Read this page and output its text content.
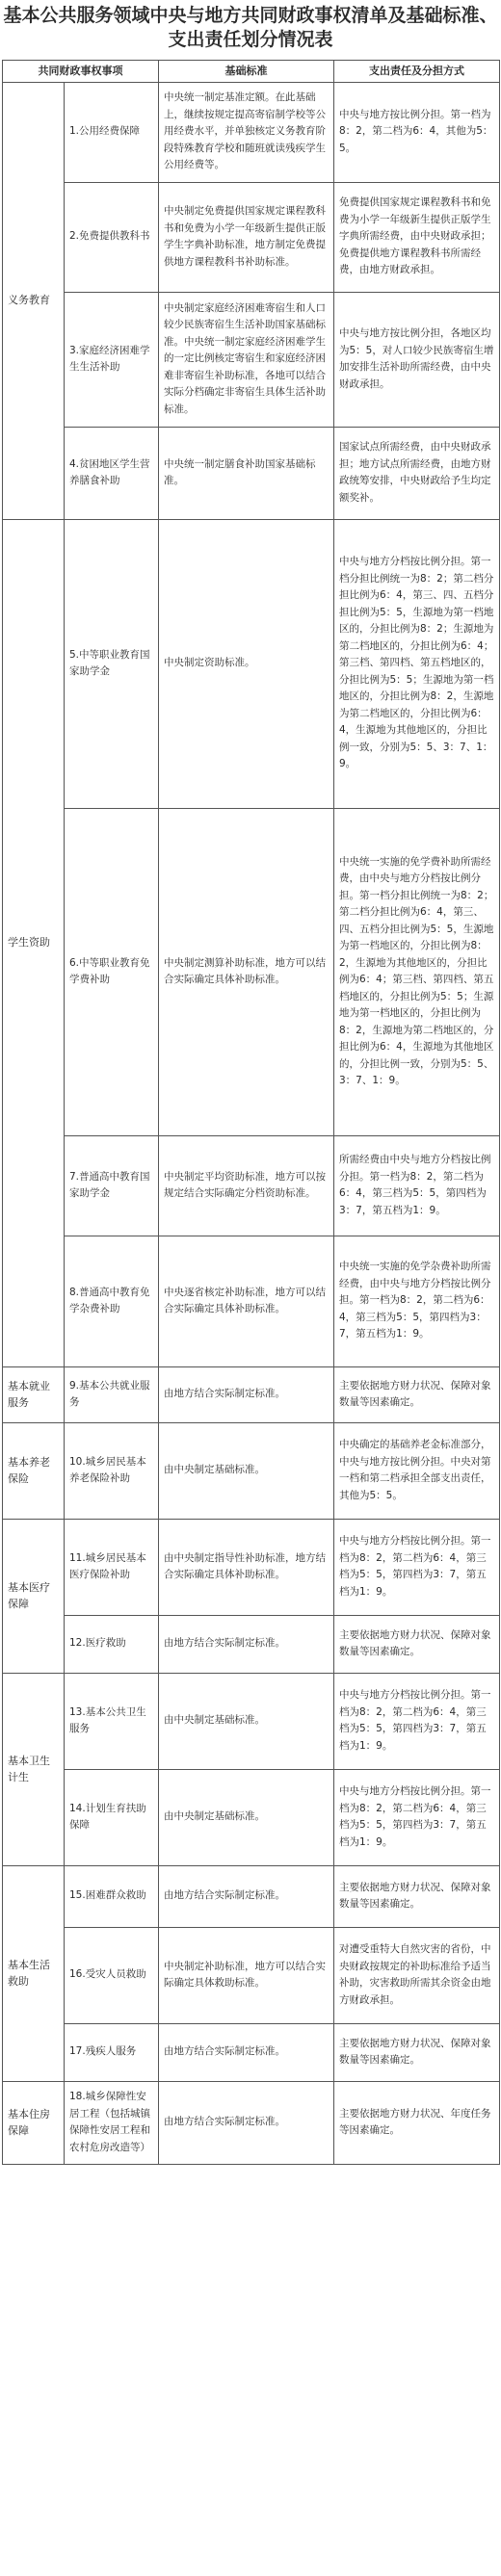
基本公共服务领域中央与地方共同财政事权清单及基础标准、支出责任划分情况表
共同财政事权事项		基础标准	支出责任及分担方式
义务教育	1.公用经费保障	中央统一制定基准定额。在此基础上，继续按规定提高寄宿制学校等公用经费水平，并单独核定义务教育阶段特殊教育学校和随班就读残疾学生公用经费等。	中央与地方按比例分担。第一档为8：2，第二档为6：4，其他为5：5。
	2.免费提供教科书	中央制定免费提供国家规定课程教科书和免费为小学一年级新生提供正版学生字典补助标准，地方制定免费提供地方课程教科书补助标准。	免费提供国家规定课程教科书和免费为小学一年级新生提供正版学生字典所需经费，由中央财政承担；免费提供地方课程教科书所需经费，由地方财政承担。
	3.家庭经济困难学生生活补助	中央制定家庭经济困难寄宿生和人口较少民族寄宿生生活补助国家基础标准。中央统一制定家庭经济困难学生的一定比例核定寄宿生和家庭经济困难非寄宿生补助标准，各地可以结合实际分档确定非寄宿生具体生活补助标准。	中央与地方按比例分担，各地区均为5：5，对人口较少民族寄宿生增加安排生活补助所需经费，由中央财政承担。
	4.贫困地区学生营养膳食补助	中央统一制定膳食补助国家基础标准。	国家试点所需经费，由中央财政承担；地方试点所需经费，由地方财政统筹安排，中央财政给予生均定额奖补。
学生资助	5.中等职业教育国家助学金	中央制定资助标准。	中央与地方分档按比例分担。第一档分担比例统一为8：2；第二档分担比例为6：4，第三、四、五档分担比例为5：5，生源地为第一档地区的，分担比例为8：2；生源地为第二档地区的，分担比例为6：4；第三档、第四档、第五档地区的，分担比例为5：5；生源地为第一档地区的，分担比例为8：2，生源地为第二档地区的，分担比例为6：4，生源地为其他地区的，分担比例一致，分别为5：5、3：7、1：9。
	6.中等职业教育免学费补助	中央制定测算补助标准，地方可以结合实际确定具体补助标准。	中央统一实施的免学费补助所需经费，由中央与地方分档按比例分担。第一档分担比例统一为8：2；第二档分担比例为6：4，第三、四、五档分担比例为5：5，生源地为第一档地区的，分担比例为8：2，生源地为其他地区的，分担比例为6：4；第三档、第四档、第五档地区的，分担比例为5：5；生源地为第一档地区的，分担比例为8：2，生源地为第二档地区的，分担比例为6：4，生源地为其他地区的，分担比例一致，分别为5：5、3：7、1：9。
	7.普通高中教育国家助学金	中央制定平均资助标准，地方可以按规定结合实际确定分档资助标准。	所需经费由中央与地方分档按比例分担。第一档为8：2，第二档为6：4，第三档为5：5，第四档为3：7，第五档为1：9。
	8.普通高中教育免学杂费补助	中央逐省核定补助标准，地方可以结合实际确定具体补助标准。	中央统一实施的免学杂费补助所需经费，由中央与地方分档按比例分担。第一档为8：2，第二档为6：4，第三档为5：5，第四档为3：7，第五档为1：9。
基本就业服务	9.基本公共就业服务	由地方结合实际制定标准。	主要依据地方财力状况、保障对象数量等因素确定。
基本养老保险	10.城乡居民基本养老保险补助	由中央制定基础标准。	中央确定的基础养老金标准部分，中央与地方按比例分担。中央对第一档和第二档承担全部支出责任，其他为5：5。
基本医疗保障	11.城乡居民基本医疗保险补助	由中央制定指导性补助标准，地方结合实际确定具体补助标准。	中央与地方分档按比例分担。第一档为8：2，第二档为6：4，第三档为5：5，第四档为3：7，第五档为1：9。
	12.医疗救助	由地方结合实际制定标准。	主要依据地方财力状况、保障对象数量等因素确定。
基本卫生计生	13.基本公共卫生服务	由中央制定基础标准。	中央与地方分档按比例分担。第一档为8：2，第二档为6：4，第三档为5：5，第四档为3：7，第五档为1：9。
	14.计划生育扶助保障	由中央制定基础标准。	中央与地方分档按比例分担。第一档为8：2，第二档为6：4，第三档为5：5，第四档为3：7，第五档为1：9。
基本生活救助	15.困难群众救助	由地方结合实际制定标准。	主要依据地方财力状况、保障对象数量等因素确定。
	16.受灾人员救助	中央制定补助标准，地方可以结合实际确定具体救助标准。	对遭受重特大自然灾害的省份，中央财政按规定的补助标准给予适当补助，灾害救助所需其余资金由地方财政承担。
	17.残疾人服务	由地方结合实际制定标准。	主要依据地方财力状况、保障对象数量等因素确定。
基本住房保障	18.城乡保障性安居工程（包括城镇保障性安居工程和农村危房改造等）	由地方结合实际制定标准。	主要依据地方财力状况、年度任务等因素确定。
